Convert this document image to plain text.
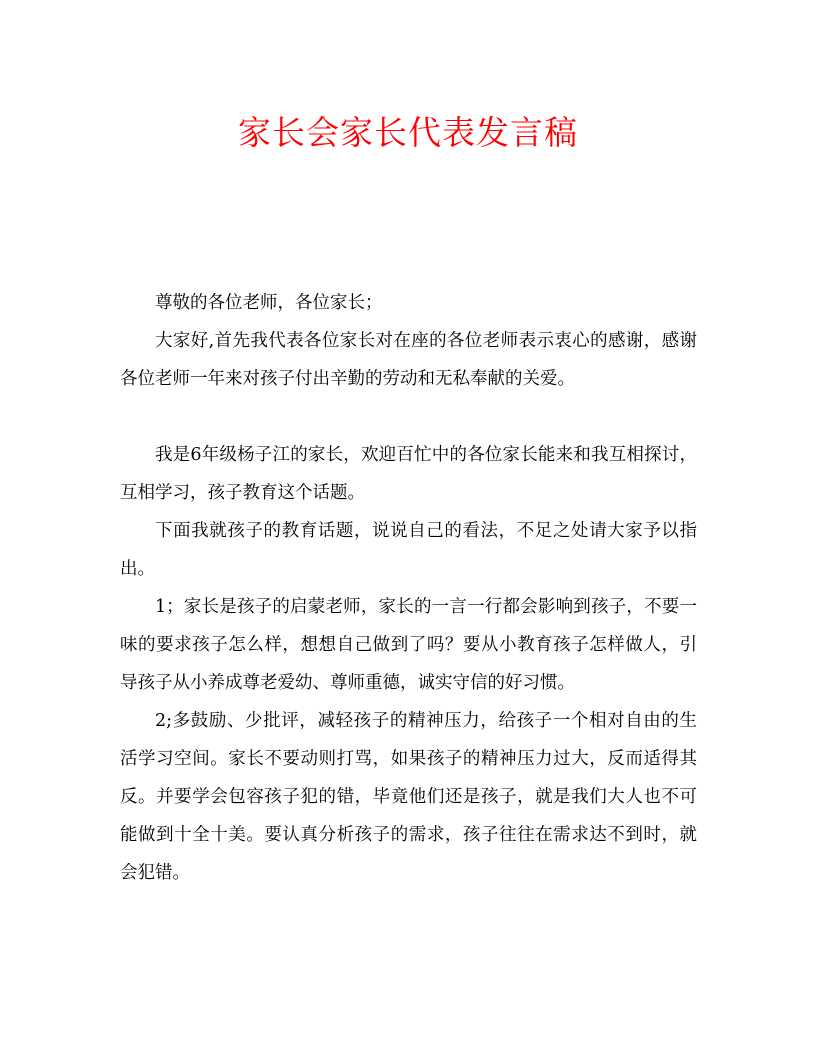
家长会家长代表发言稿

尊敬的各位老师，各位家长；

大家好,首先我代表各位家长对在座的各位老师表示衷心的感谢，感谢各位老师一年来对孩子付出辛勤的劳动和无私奉献的关爱。

我是6年级杨子江的家长，欢迎百忙中的各位家长能来和我互相探讨，互相学习，孩子教育这个话题。

下面我就孩子的教育话题，说说自己的看法，不足之处请大家予以指出。

1；家长是孩子的启蒙老师，家长的一言一行都会影响到孩子，不要一味的要求孩子怎么样，想想自己做到了吗？要从小教育孩子怎样做人，引导孩子从小养成尊老爱幼、尊师重德，诚实守信的好习惯。

2;多鼓励、少批评，减轻孩子的精神压力，给孩子一个相对自由的生活学习空间。家长不要动则打骂，如果孩子的精神压力过大，反而适得其反。并要学会包容孩子犯的错，毕竟他们还是孩子，就是我们大人也不可能做到十全十美。要认真分析孩子的需求，孩子往往在需求达不到时，就会犯错。
